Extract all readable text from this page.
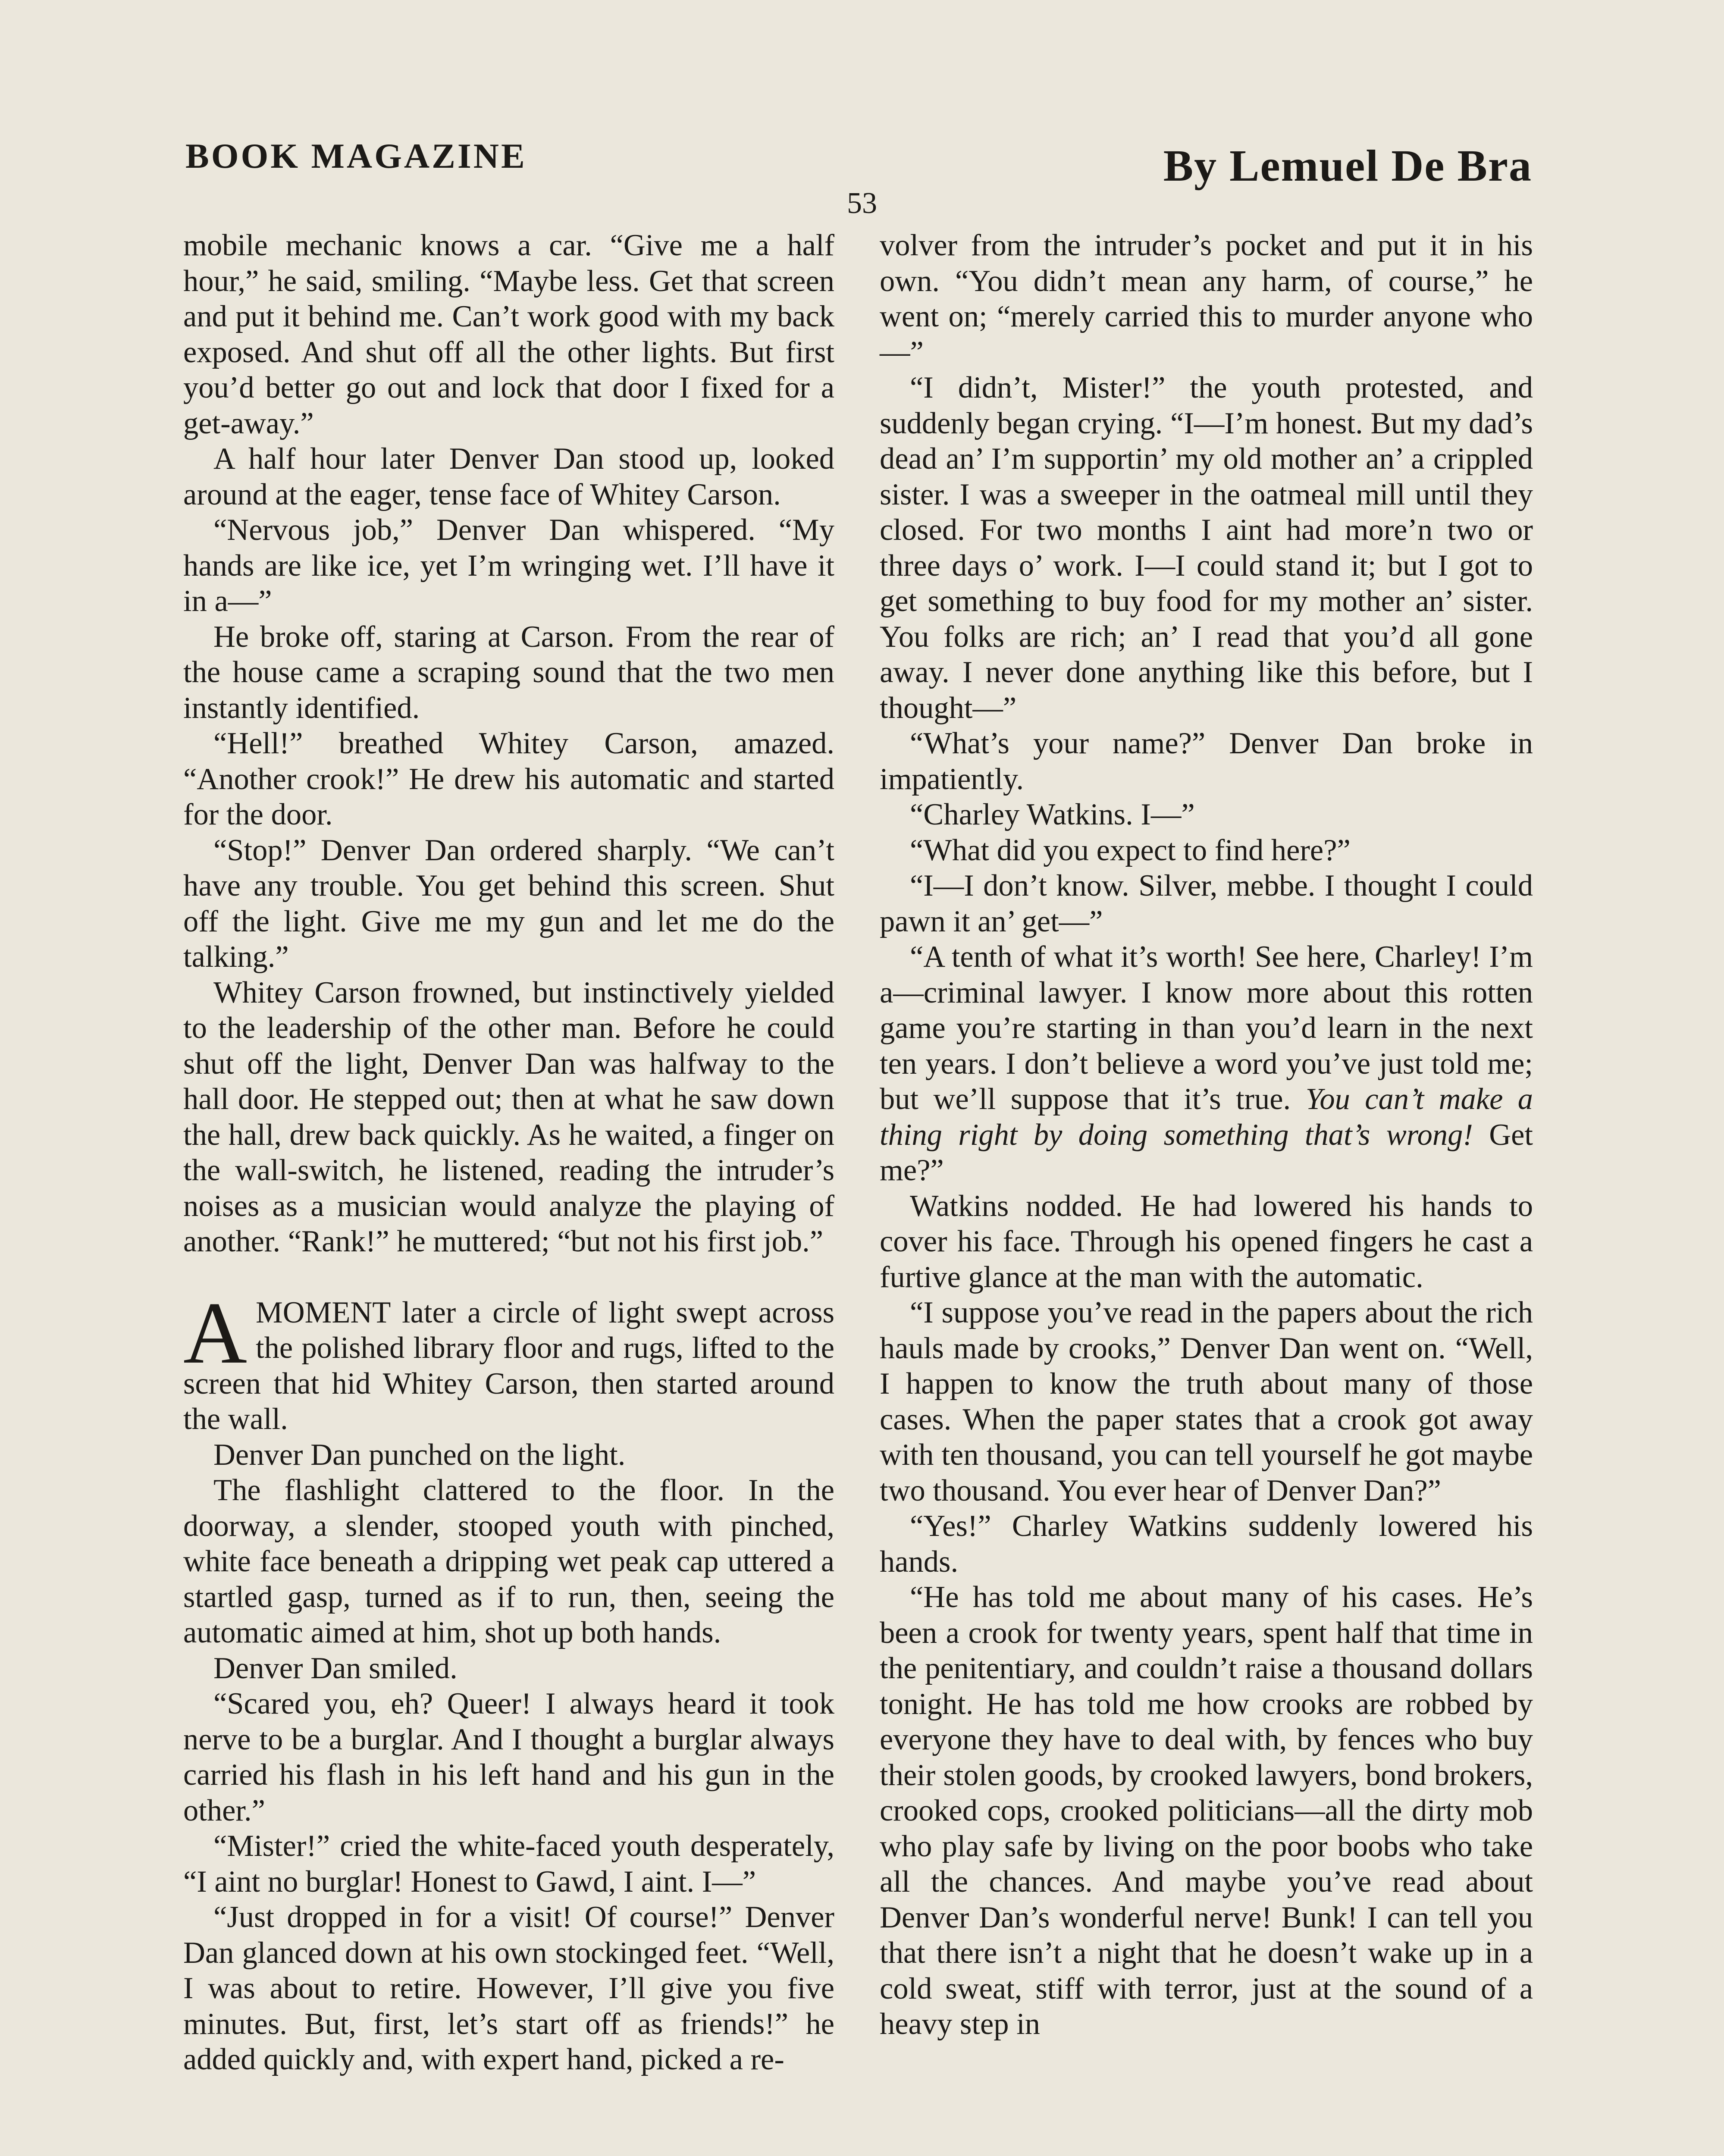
BOOK MAGAZINE	By Lemuel De Bra
53

mobile mechanic knows a car. “Give me a half hour,” he said, smiling. “Maybe less. Get that screen and put it behind me. Can’t work good with my back exposed. And shut off all the other lights. But first you’d better go out and lock that door I fixed for a get-away.”

A half hour later Denver Dan stood up, looked around at the eager, tense face of Whitey Carson.

“Nervous job,” Denver Dan whispered. “My hands are like ice, yet I’m wringing wet. I’ll have it in a—”

He broke off, staring at Carson. From the rear of the house came a scraping sound that the two men instantly identified.

“Hell!” breathed Whitey Carson, amazed. “Another crook!” He drew his automatic and started for the door.

“Stop!” Denver Dan ordered sharply. “We can’t have any trouble. You get behind this screen. Shut off the light. Give me my gun and let me do the talking.”

Whitey Carson frowned, but instinctively yielded to the leadership of the other man. Before he could shut off the light, Denver Dan was halfway to the hall door. He stepped out; then at what he saw down the hall, drew back quickly. As he waited, a finger on the wall-switch, he listened, reading the intruder’s noises as a musician would analyze the playing of another. “Rank!” he muttered; “but not his first job.”

AMOMENT later a circle of light swept across the polished library floor and rugs, lifted to the screen that hid Whitey Carson, then started around the wall.

Denver Dan punched on the light.

The flashlight clattered to the floor. In the doorway, a slender, stooped youth with pinched, white face beneath a dripping wet peak cap uttered a startled gasp, turned as if to run, then, seeing the automatic aimed at him, shot up both hands.

Denver Dan smiled.

“Scared you, eh? Queer! I always heard it took nerve to be a burglar. And I thought a burglar always carried his flash in his left hand and his gun in the other.”

“Mister!” cried the white-faced youth desperately, “I aint no burglar! Honest to Gawd, I aint. I—”

“Just dropped in for a visit! Of course!” Denver Dan glanced down at his own stockinged feet. “Well, I was about to retire. However, I’ll give you five minutes. But, first, let’s start off as friends!” he added quickly and, with expert hand, picked a re-

volver from the intruder’s pocket and put it in his own. “You didn’t mean any harm, of course,” he went on; “merely carried this to murder anyone who—”

“I didn’t, Mister!” the youth protested, and suddenly began crying. “I—I’m honest. But my dad’s dead an’ I’m supportin’ my old mother an’ a crippled sister. I was a sweeper in the oatmeal mill until they closed. For two months I aint had more’n two or three days o’ work. I—I could stand it; but I got to get something to buy food for my mother an’ sister. You folks are rich; an’ I read that you’d all gone away. I never done anything like this before, but I thought—”

“What’s your name?” Denver Dan broke in impatiently.

“Charley Watkins. I—”

“What did you expect to find here?”

“I—I don’t know. Silver, mebbe. I thought I could pawn it an’ get—”

“A tenth of what it’s worth! See here, Charley! I’m a—criminal lawyer. I know more about this rotten game you’re starting in than you’d learn in the next ten years. I don’t believe a word you’ve just told me; but we’ll suppose that it’s true. You can’t make a thing right by doing something that’s wrong! Get me?”

Watkins nodded. He had lowered his hands to cover his face. Through his opened fingers he cast a furtive glance at the man with the automatic.

“I suppose you’ve read in the papers about the rich hauls made by crooks,” Denver Dan went on. “Well, I happen to know the truth about many of those cases. When the paper states that a crook got away with ten thousand, you can tell yourself he got maybe two thousand. You ever hear of Denver Dan?”

“Yes!” Charley Watkins suddenly lowered his hands.

“He has told me about many of his cases. He’s been a crook for twenty years, spent half that time in the penitentiary, and couldn’t raise a thousand dollars tonight. He has told me how crooks are robbed by everyone they have to deal with, by fences who buy their stolen goods, by crooked lawyers, bond brokers, crooked cops, crooked politicians—all the dirty mob who play safe by living on the poor boobs who take all the chances. And maybe you’ve read about Denver Dan’s wonderful nerve! Bunk! I can tell you that there isn’t a night that he doesn’t wake up in a cold sweat, stiff with terror, just at the sound of a heavy step in
